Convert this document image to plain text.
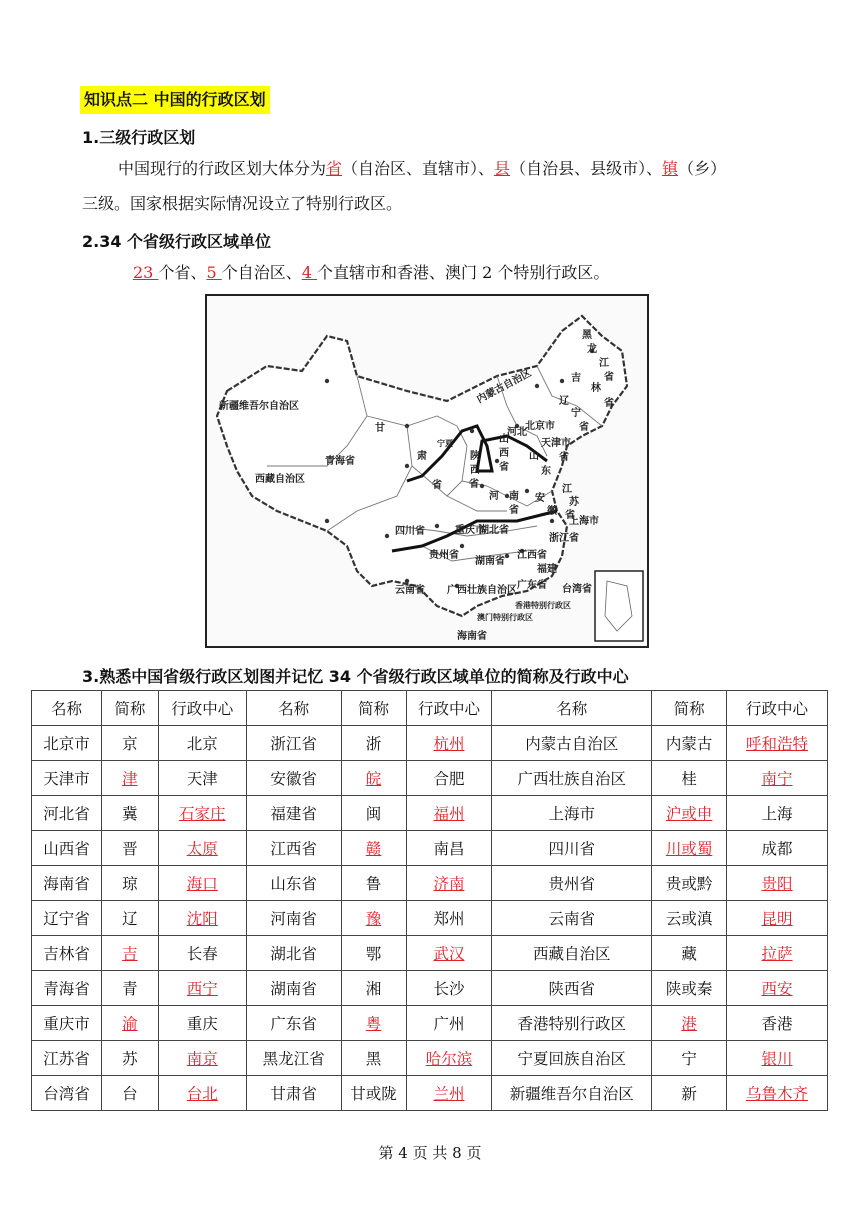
知识点二 中国的行政区划
1.三级行政区划
中国现行的行政区划大体分为省（自治区、直辖市）、县（自治县、县级市）、镇（乡）
三级。国家根据实际情况设立了特别行政区。
2.34 个省级行政区域单位
23 个省、5 个自治区、4 个直辖市和香港、澳门 2 个特别行政区。
新疆维吾尔自治区
西藏自治区
青海省
甘
肃
省
内蒙古自治区
黑
龙
江
省
吉
林
省
辽
宁
省
河北
北京市
天津市
山
西
省
陕
西
省
山
东
省
河 南
省
江
苏
省
安
徽
上海市
四川省	重庆市
湖北省
浙江省
贵州省
湖南省
江西省
福建
云南省 广西壮族自治区 广东省 台湾省
香港特别行政区
澳门特别行政区
海南省
宁夏
3.熟悉中国省级行政区划图并记忆 34 个省级行政区域单位的简称及行政中心
名称	简称	行政中心	名称	简称	行政中心	名称	简称	行政中心
北京市	京	北京	浙江省	浙	杭州	内蒙古自治区	内蒙古	呼和浩特
天津市	津	天津	安徽省	皖	合肥	广西壮族自治区	桂	南宁
河北省	冀	石家庄	福建省	闽	福州	上海市	沪或申	上海
山西省	晋	太原	江西省	赣	南昌	四川省	川或蜀	成都
海南省	琼	海口	山东省	鲁	济南	贵州省	贵或黔	贵阳
辽宁省	辽	沈阳	河南省	豫	郑州	云南省	云或滇	昆明
吉林省	吉	长春	湖北省	鄂	武汉	西藏自治区	藏	拉萨
青海省	青	西宁	湖南省	湘	长沙	陕西省	陕或秦	西安
重庆市	渝	重庆	广东省	粤	广州	香港特别行政区	港	香港
江苏省	苏	南京	黑龙江省	黑	哈尔滨	宁夏回族自治区	宁	银川
台湾省	台	台北	甘肃省	甘或陇	兰州	新疆维吾尔自治区	新	乌鲁木齐
第 4 页 共 8 页
